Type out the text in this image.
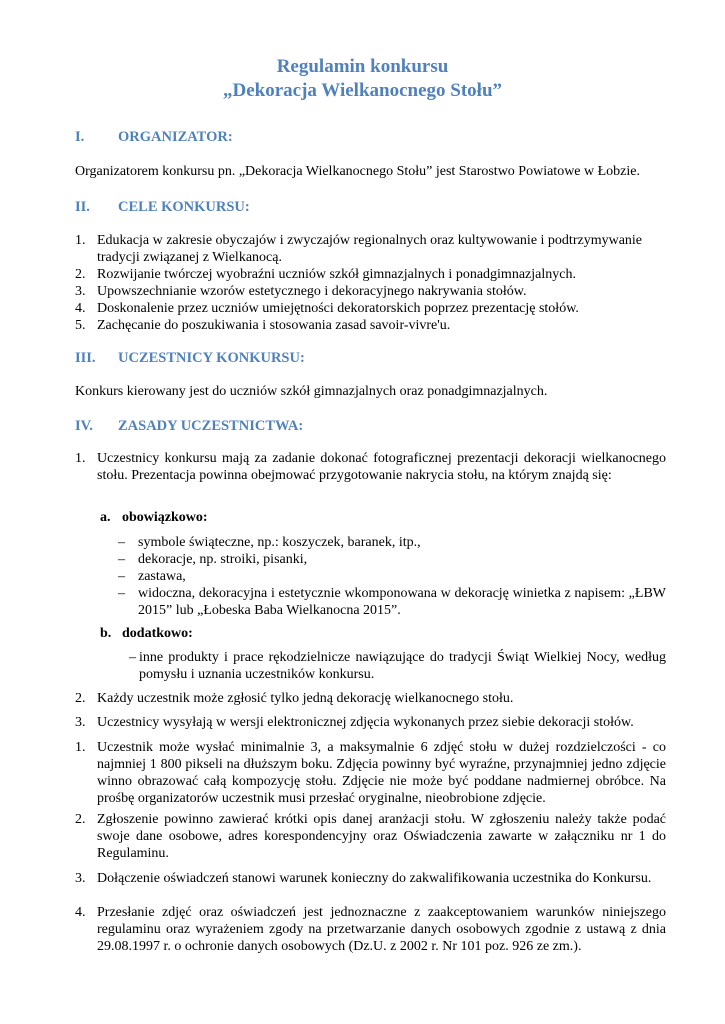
Regulamin konkursu
„Dekoracja Wielkanocnego Stołu”
I. ORGANIZATOR:
Organizatorem konkursu pn. „Dekoracja Wielkanocnego Stołu” jest Starostwo Powiatowe w Łobzie.
II. CELE KONKURSU:
1. Edukacja w zakresie obyczajów i zwyczajów regionalnych oraz kultywowanie i podtrzymywanie tradycji związanej z Wielkanocą.
2. Rozwijanie twórczej wyobraźni uczniów szkół gimnazjalnych i ponadgimnazjalnych.
3. Upowszechnianie wzorów estetycznego i dekoracyjnego nakrywania stołów.
4. Doskonalenie przez uczniów umiejętności dekoratorskich poprzez prezentację stołów.
5. Zachęcanie do poszukiwania i stosowania zasad savoir-vivre'u.
III. UCZESTNICY KONKURSU:
Konkurs kierowany jest do uczniów szkół gimnazjalnych oraz ponadgimnazjalnych.
IV. ZASADY UCZESTNICTWA:
1. Uczestnicy konkursu mają za zadanie dokonać fotograficznej prezentacji dekoracji wielkanocnego stołu. Prezentacja powinna obejmować przygotowanie nakrycia stołu, na którym znajdą się:
a. obowiązkowo:
– symbole świąteczne, np.: koszyczek, baranek, itp.,
– dekoracje, np. stroiki, pisanki,
– zastawa,
– widoczna, dekoracyjna i estetycznie wkomponowana w dekorację winietka z napisem: „ŁBW 2015” lub „Łobeska Baba Wielkanocna 2015”.
b. dodatkowo:
– inne produkty i prace rękodzielnicze nawiązujące do tradycji Świąt Wielkiej Nocy, według pomysłu i uznania uczestników konkursu.
2. Każdy uczestnik może zgłosić tylko jedną dekorację wielkanocnego stołu.
3. Uczestnicy wysyłają w wersji elektronicznej zdjęcia wykonanych przez siebie dekoracji stołów.
1. Uczestnik może wysłać minimalnie 3, a maksymalnie 6 zdjęć stołu w dużej rozdzielczości - co najmniej 1 800 pikseli na dłuższym boku. Zdjęcia powinny być wyraźne, przynajmniej jedno zdjęcie winno obrazować całą kompozycję stołu. Zdjęcie nie może być poddane nadmiernej obróbce. Na prośbę organizatorów uczestnik musi przesłać oryginalne, nieobrobione zdjęcie.
2. Zgłoszenie powinno zawierać krótki opis danej aranżacji stołu. W zgłoszeniu należy także podać swoje dane osobowe, adres korespondencyjny oraz Oświadczenia zawarte w załączniku nr 1 do Regulaminu.
3. Dołączenie oświadczeń stanowi warunek konieczny do zakwalifikowania uczestnika do Konkursu.
4. Przesłanie zdjęć oraz oświadczeń jest jednoznaczne z zaakceptowaniem warunków niniejszego regulaminu oraz wyrażeniem zgody na przetwarzanie danych osobowych zgodnie z ustawą z dnia 29.08.1997 r. o ochronie danych osobowych (Dz.U. z 2002 r. Nr 101 poz. 926 ze zm.).
